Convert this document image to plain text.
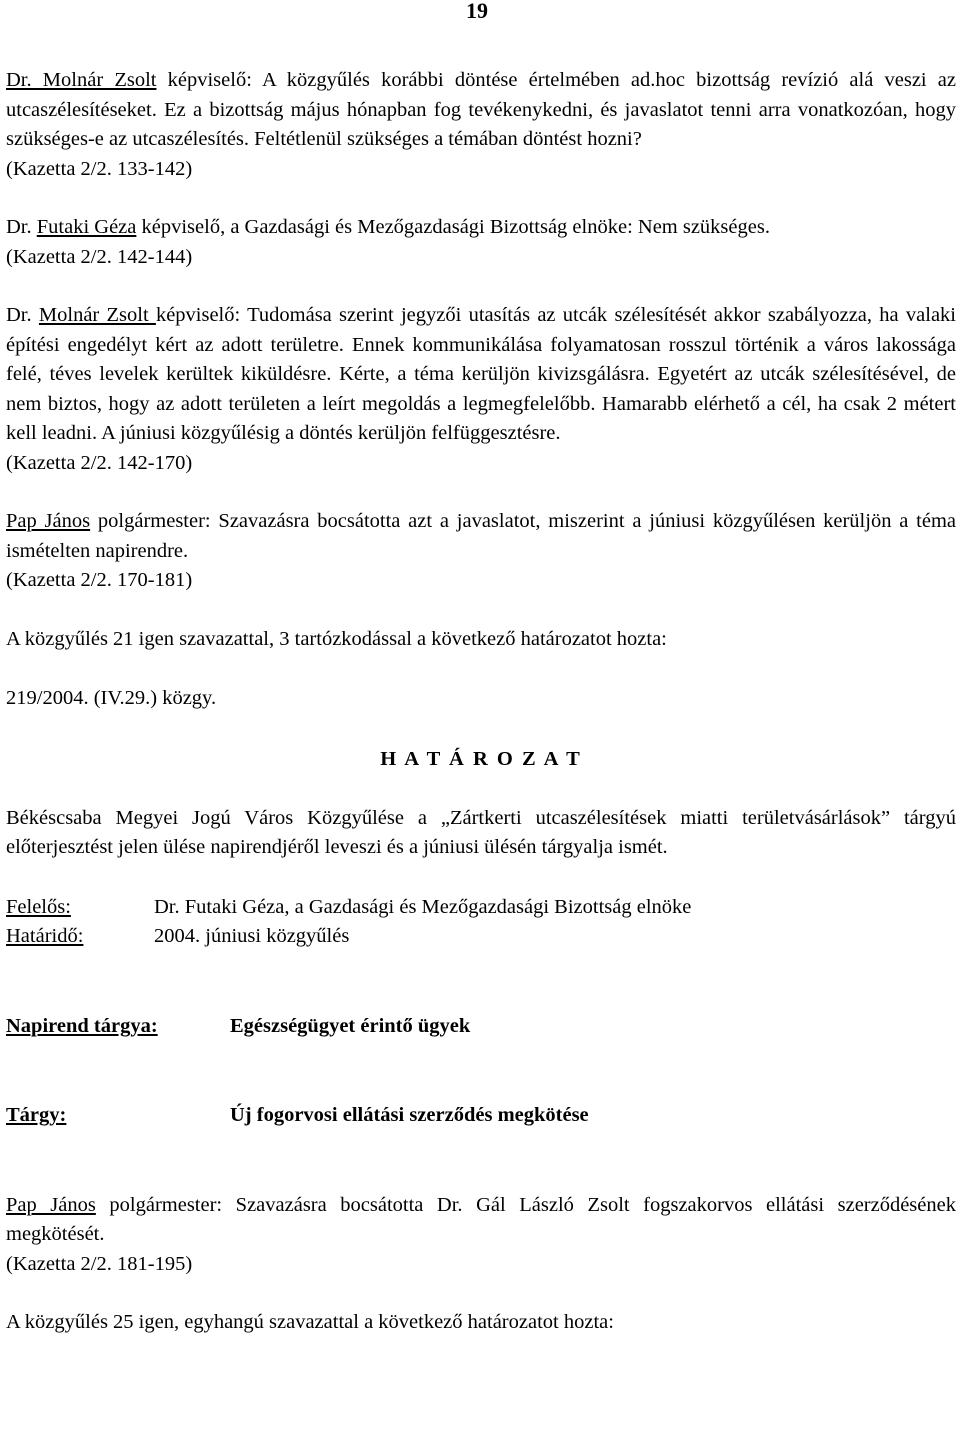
19
Dr. Molnár Zsolt képviselő: A közgyűlés korábbi döntése értelmében ad.hoc bizottság revízió alá veszi az utcaszélesítéseket. Ez a bizottság május hónapban fog tevékenykedni, és javaslatot tenni arra vonatkozóan, hogy szükséges-e az utcaszélesítés. Feltétlenül szükséges a témában döntést hozni?
(Kazetta 2/2. 133-142)
Dr. Futaki Géza képviselő, a Gazdasági és Mezőgazdasági Bizottság elnöke: Nem szükséges.
(Kazetta 2/2. 142-144)
Dr. Molnár Zsolt képviselő: Tudomása szerint jegyzői utasítás az utcák szélesítését akkor szabályozza, ha valaki építési engedélyt kért az adott területre. Ennek kommunikálása folyamatosan rosszul történik a város lakossága felé, téves levelek kerültek kiküldésre. Kérte, a téma kerüljön kivizsgálásra. Egyetért az utcák szélesítésével, de nem biztos, hogy az adott területen a leírt megoldás a legmegfelelőbb. Hamarabb elérhető a cél, ha csak 2 métert kell leadni. A júniusi közgyűlésig a döntés kerüljön felfüggesztésre.
(Kazetta 2/2. 142-170)
Pap János polgármester: Szavazásra bocsátotta azt a javaslatot, miszerint a júniusi közgyűlésen kerüljön a téma ismételten napirendre.
(Kazetta 2/2. 170-181)
A közgyűlés 21 igen szavazattal, 3 tartózkodással a következő határozatot hozta:
219/2004. (IV.29.) közgy.
H A T Á R O Z A T
Békéscsaba Megyei Jogú Város Közgyűlése a „Zártkerti utcaszélesítések miatti területvásárlások” tárgyú előterjesztést jelen ülése napirendjéről leveszi és a júniusi ülésén tárgyalja ismét.
Felelős:	Dr. Futaki Géza, a Gazdasági és Mezőgazdasági Bizottság elnöke
Határidő:	2004. júniusi közgyűlés
Napirend tárgya:	Egészségügyet érintő ügyek
Tárgy:	Új fogorvosi ellátási szerződés megkötése
Pap János polgármester: Szavazásra bocsátotta Dr. Gál László Zsolt fogszakorvos ellátási szerződésének megkötését.
(Kazetta 2/2. 181-195)
A közgyűlés 25 igen, egyhangú szavazattal a következő határozatot hozta:
